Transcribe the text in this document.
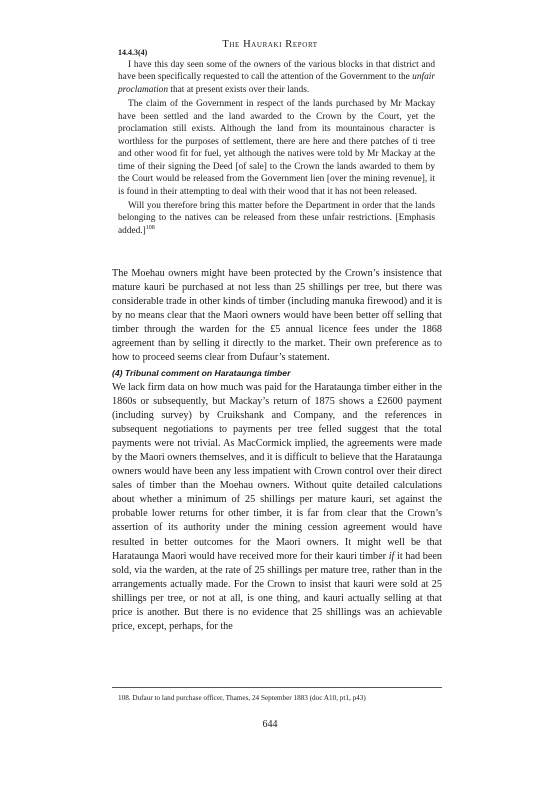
The Hauraki Report
14.4.3(4)

I have this day seen some of the owners of the various blocks in that district and have been specifically requested to call the attention of the Government to the unfair proclamation that at present exists over their lands.

The claim of the Government in respect of the lands purchased by Mr Mackay have been settled and the land awarded to the Crown by the Court, yet the proclamation still exists. Although the land from its mountainous character is worthless for the purposes of settlement, there are here and there patches of ti tree and other wood fit for fuel, yet although the natives were told by Mr Mackay at the time of their signing the Deed [of sale] to the Crown the lands awarded to them by the Court would be released from the Government lien [over the mining revenue], it is found in their attempting to deal with their wood that it has not been released.

Will you therefore bring this matter before the Department in order that the lands belonging to the natives can be released from these unfair restrictions. [Emphasis added.]$^{108}$

The Moehau owners might have been protected by the Crown’s insistence that mature kauri be purchased at not less than 25 shillings per tree, but there was considerable trade in other kinds of timber (including manuka firewood) and it is by no means clear that the Maori owners would have been better off selling that timber through the warden for the £5 annual licence fees under the 1868 agreement than by selling it directly to the market. Their own preference as to how to proceed seems clear from Dufaur’s statement.

(4) Tribunal comment on Harataunga timber

We lack firm data on how much was paid for the Harataunga timber either in the 1860s or subsequently, but Mackay’s return of 1875 shows a £2600 payment (including survey) by Cruikshank and Company, and the references in subsequent negotiations to payments per tree felled suggest that the total payments were not trivial. As MacCormick implied, the agreements were made by the Maori owners themselves, and it is difficult to believe that the Harataunga owners would have been any less impatient with Crown control over their direct sales of timber than the Moehau owners. Without quite detailed calculations about whether a minimum of 25 shillings per mature kauri, set against the probable lower returns for other timber, it is far from clear that the Crown’s assertion of its authority under the mining cession agreement would have resulted in better outcomes for the Maori owners. It might well be that Harataunga Maori would have received more for their kauri timber if it had been sold, via the warden, at the rate of 25 shillings per mature tree, rather than in the arrangements actually made. For the Crown to insist that kauri were sold at 25 shillings per tree, or not at all, is one thing, and kauri actually selling at that price is another. But there is no evidence that 25 shillings was an achievable price, except, perhaps, for the

108. Dufaur to land purchase officer, Thames, 24 September 1883 (doc A10, pt1, p43)
644
